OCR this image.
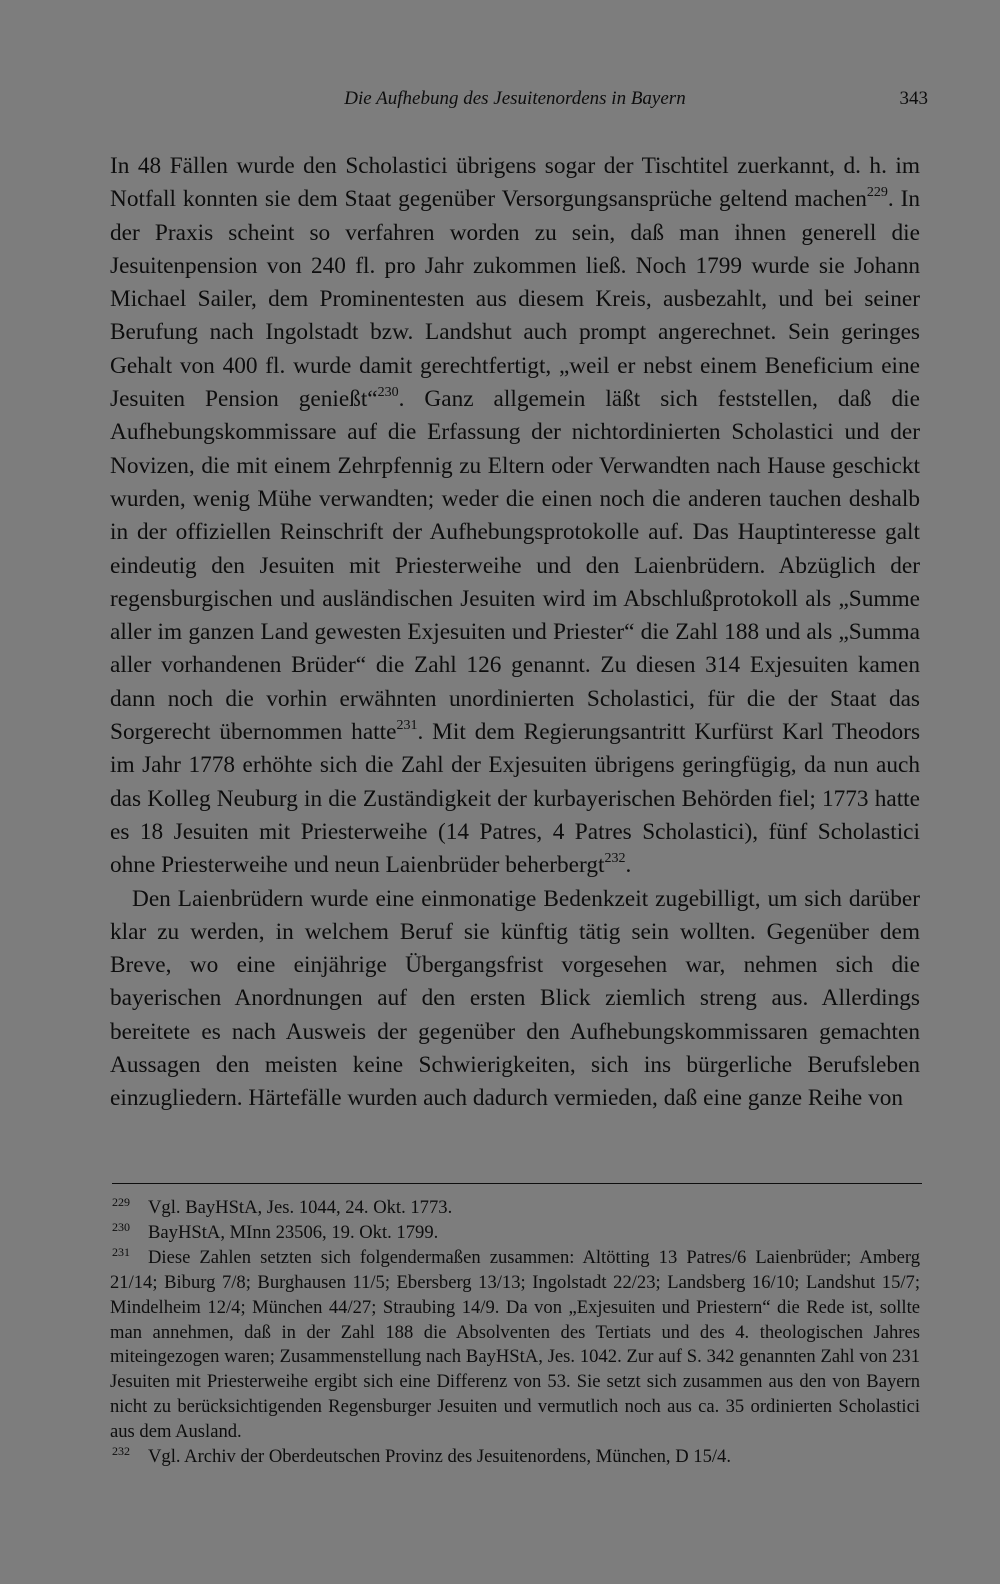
Die Aufhebung des Jesuitenordens in Bayern	343

In 48 Fällen wurde den Scholastici übrigens sogar der Tischtitel zuerkannt, d. h. im Notfall konnten sie dem Staat gegenüber Versorgungsansprüche geltend machen$^{229}$. In der Praxis scheint so verfahren worden zu sein, daß man ihnen generell die Jesuitenpension von 240 fl. pro Jahr zukommen ließ. Noch 1799 wurde sie Johann Michael Sailer, dem Prominentesten aus diesem Kreis, ausbezahlt, und bei seiner Berufung nach Ingolstadt bzw. Landshut auch prompt angerechnet. Sein geringes Gehalt von 400 fl. wurde damit gerechtfertigt, „weil er nebst einem Beneficium eine Jesuiten Pension genießt“$^{230}$. Ganz allgemein läßt sich feststellen, daß die Aufhebungskommissare auf die Erfassung der nichtordinierten Scholastici und der Novizen, die mit einem Zehrpfennig zu Eltern oder Verwandten nach Hause geschickt wurden, wenig Mühe verwandten; weder die einen noch die anderen tauchen deshalb in der offiziellen Reinschrift der Aufhebungsprotokolle auf. Das Hauptinteresse galt eindeutig den Jesuiten mit Priesterweihe und den Laienbrüdern. Abzüglich der regensburgischen und ausländischen Jesuiten wird im Abschlußprotokoll als „Summe aller im ganzen Land gewesten Exjesuiten und Priester“ die Zahl 188 und als „Summa aller vorhandenen Brüder“ die Zahl 126 genannt. Zu diesen 314 Exjesuiten kamen dann noch die vorhin erwähnten unordinierten Scholastici, für die der Staat das Sorgerecht übernommen hatte$^{231}$. Mit dem Regierungsantritt Kurfürst Karl Theodors im Jahr 1778 erhöhte sich die Zahl der Exjesuiten übrigens geringfügig, da nun auch das Kolleg Neuburg in die Zuständigkeit der kurbayerischen Behörden fiel; 1773 hatte es 18 Jesuiten mit Priesterweihe (14 Patres, 4 Patres Scholastici), fünf Scholastici ohne Priesterweihe und neun Laienbrüder beherbergt$^{232}$.

Den Laienbrüdern wurde eine einmonatige Bedenkzeit zugebilligt, um sich darüber klar zu werden, in welchem Beruf sie künftig tätig sein wollten. Gegenüber dem Breve, wo eine einjährige Übergangsfrist vorgesehen war, nehmen sich die bayerischen Anordnungen auf den ersten Blick ziemlich streng aus. Allerdings bereitete es nach Ausweis der gegenüber den Aufhebungskommissaren gemachten Aussagen den meisten keine Schwierigkeiten, sich ins bürgerliche Berufsleben einzugliedern. Härtefälle wurden auch dadurch vermieden, daß eine ganze Reihe von

229 Vgl. BayHStA, Jes. 1044, 24. Okt. 1773.

230 BayHStA, MInn 23506, 19. Okt. 1799.

231 Diese Zahlen setzten sich folgendermaßen zusammen: Altötting 13 Patres/6 Laienbrüder; Amberg 21/14; Biburg 7/8; Burghausen 11/5; Ebersberg 13/13; Ingolstadt 22/23; Landsberg 16/10; Landshut 15/7; Mindelheim 12/4; München 44/27; Straubing 14/9. Da von „Exjesuiten und Priestern“ die Rede ist, sollte man annehmen, daß in der Zahl 188 die Absolventen des Tertiats und des 4. theologischen Jahres miteingezogen waren; Zusammenstellung nach BayHStA, Jes. 1042. Zur auf S. 342 genannten Zahl von 231 Jesuiten mit Priesterweihe ergibt sich eine Differenz von 53. Sie setzt sich zusammen aus den von Bayern nicht zu berücksichtigenden Regensburger Jesuiten und vermutlich noch aus ca. 35 ordinierten Scholastici aus dem Ausland.

232 Vgl. Archiv der Oberdeutschen Provinz des Jesuitenordens, München, D 15/4.
